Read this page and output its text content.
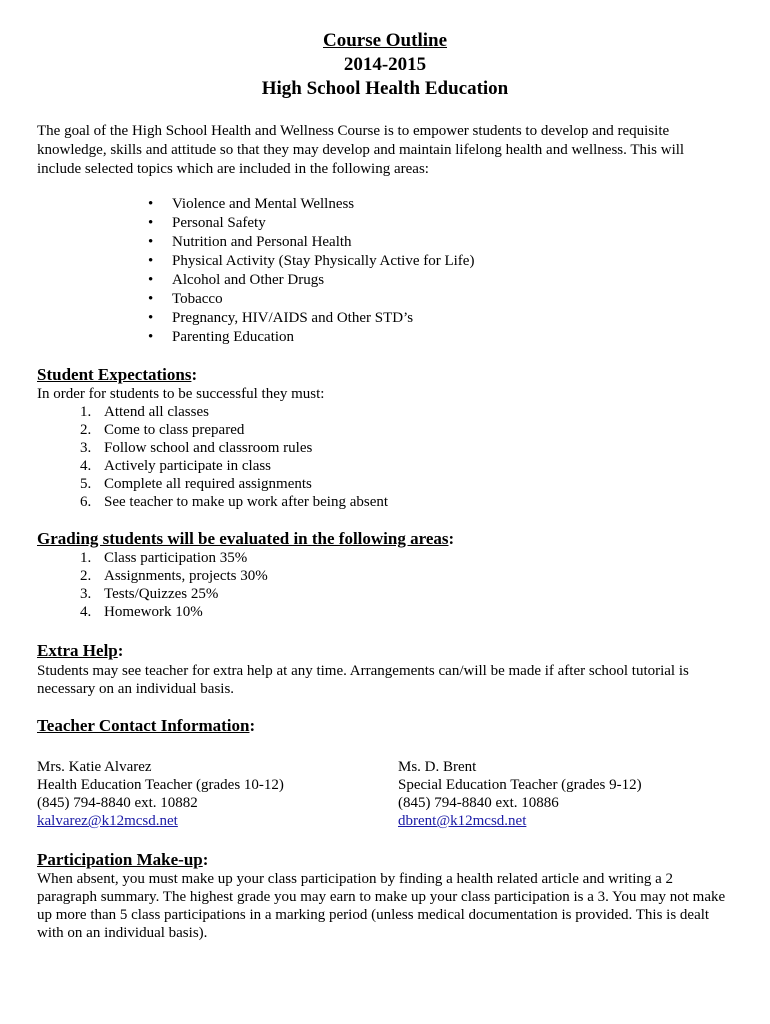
Course Outline
2014-2015
High School Health Education

The goal of the High School Health and Wellness Course is to empower students to develop and requisite knowledge, skills and attitude so that they may develop and maintain lifelong health and wellness. This will include selected topics which are included in the following areas:

• Violence and Mental Wellness
• Personal Safety
• Nutrition and Personal Health
• Physical Activity (Stay Physically Active for Life)
• Alcohol and Other Drugs
• Tobacco
• Pregnancy, HIV/AIDS and Other STD’s
• Parenting Education
Student Expectations:

In order for students to be successful they must:

1. Attend all classes
2. Come to class prepared
3. Follow school and classroom rules
4. Actively participate in class
5. Complete all required assignments
6. See teacher to make up work after being absent
Grading students will be evaluated in the following areas:
1. Class participation 35%
2. Assignments, projects 30%
3. Tests/Quizzes 25%
4. Homework 10%
Extra Help:

Students may see teacher for extra help at any time. Arrangements can/will be made if after school tutorial is necessary on an individual basis.

Teacher Contact Information:
Mrs. Katie Alvarez
Health Education Teacher (grades 10-12)
(845) 794-8840 ext. 10882
kalvarez@k12mcsd.net
Ms. D. Brent
Special Education Teacher (grades 9-12)
(845) 794-8840 ext. 10886
dbrent@k12mcsd.net
Participation Make-up:

When absent, you must make up your class participation by finding a health related article and writing a 2 paragraph summary. The highest grade you may earn to make up your class participation is a 3. You may not make up more than 5 class participations in a marking period (unless medical documentation is provided. This is dealt with on an individual basis).
